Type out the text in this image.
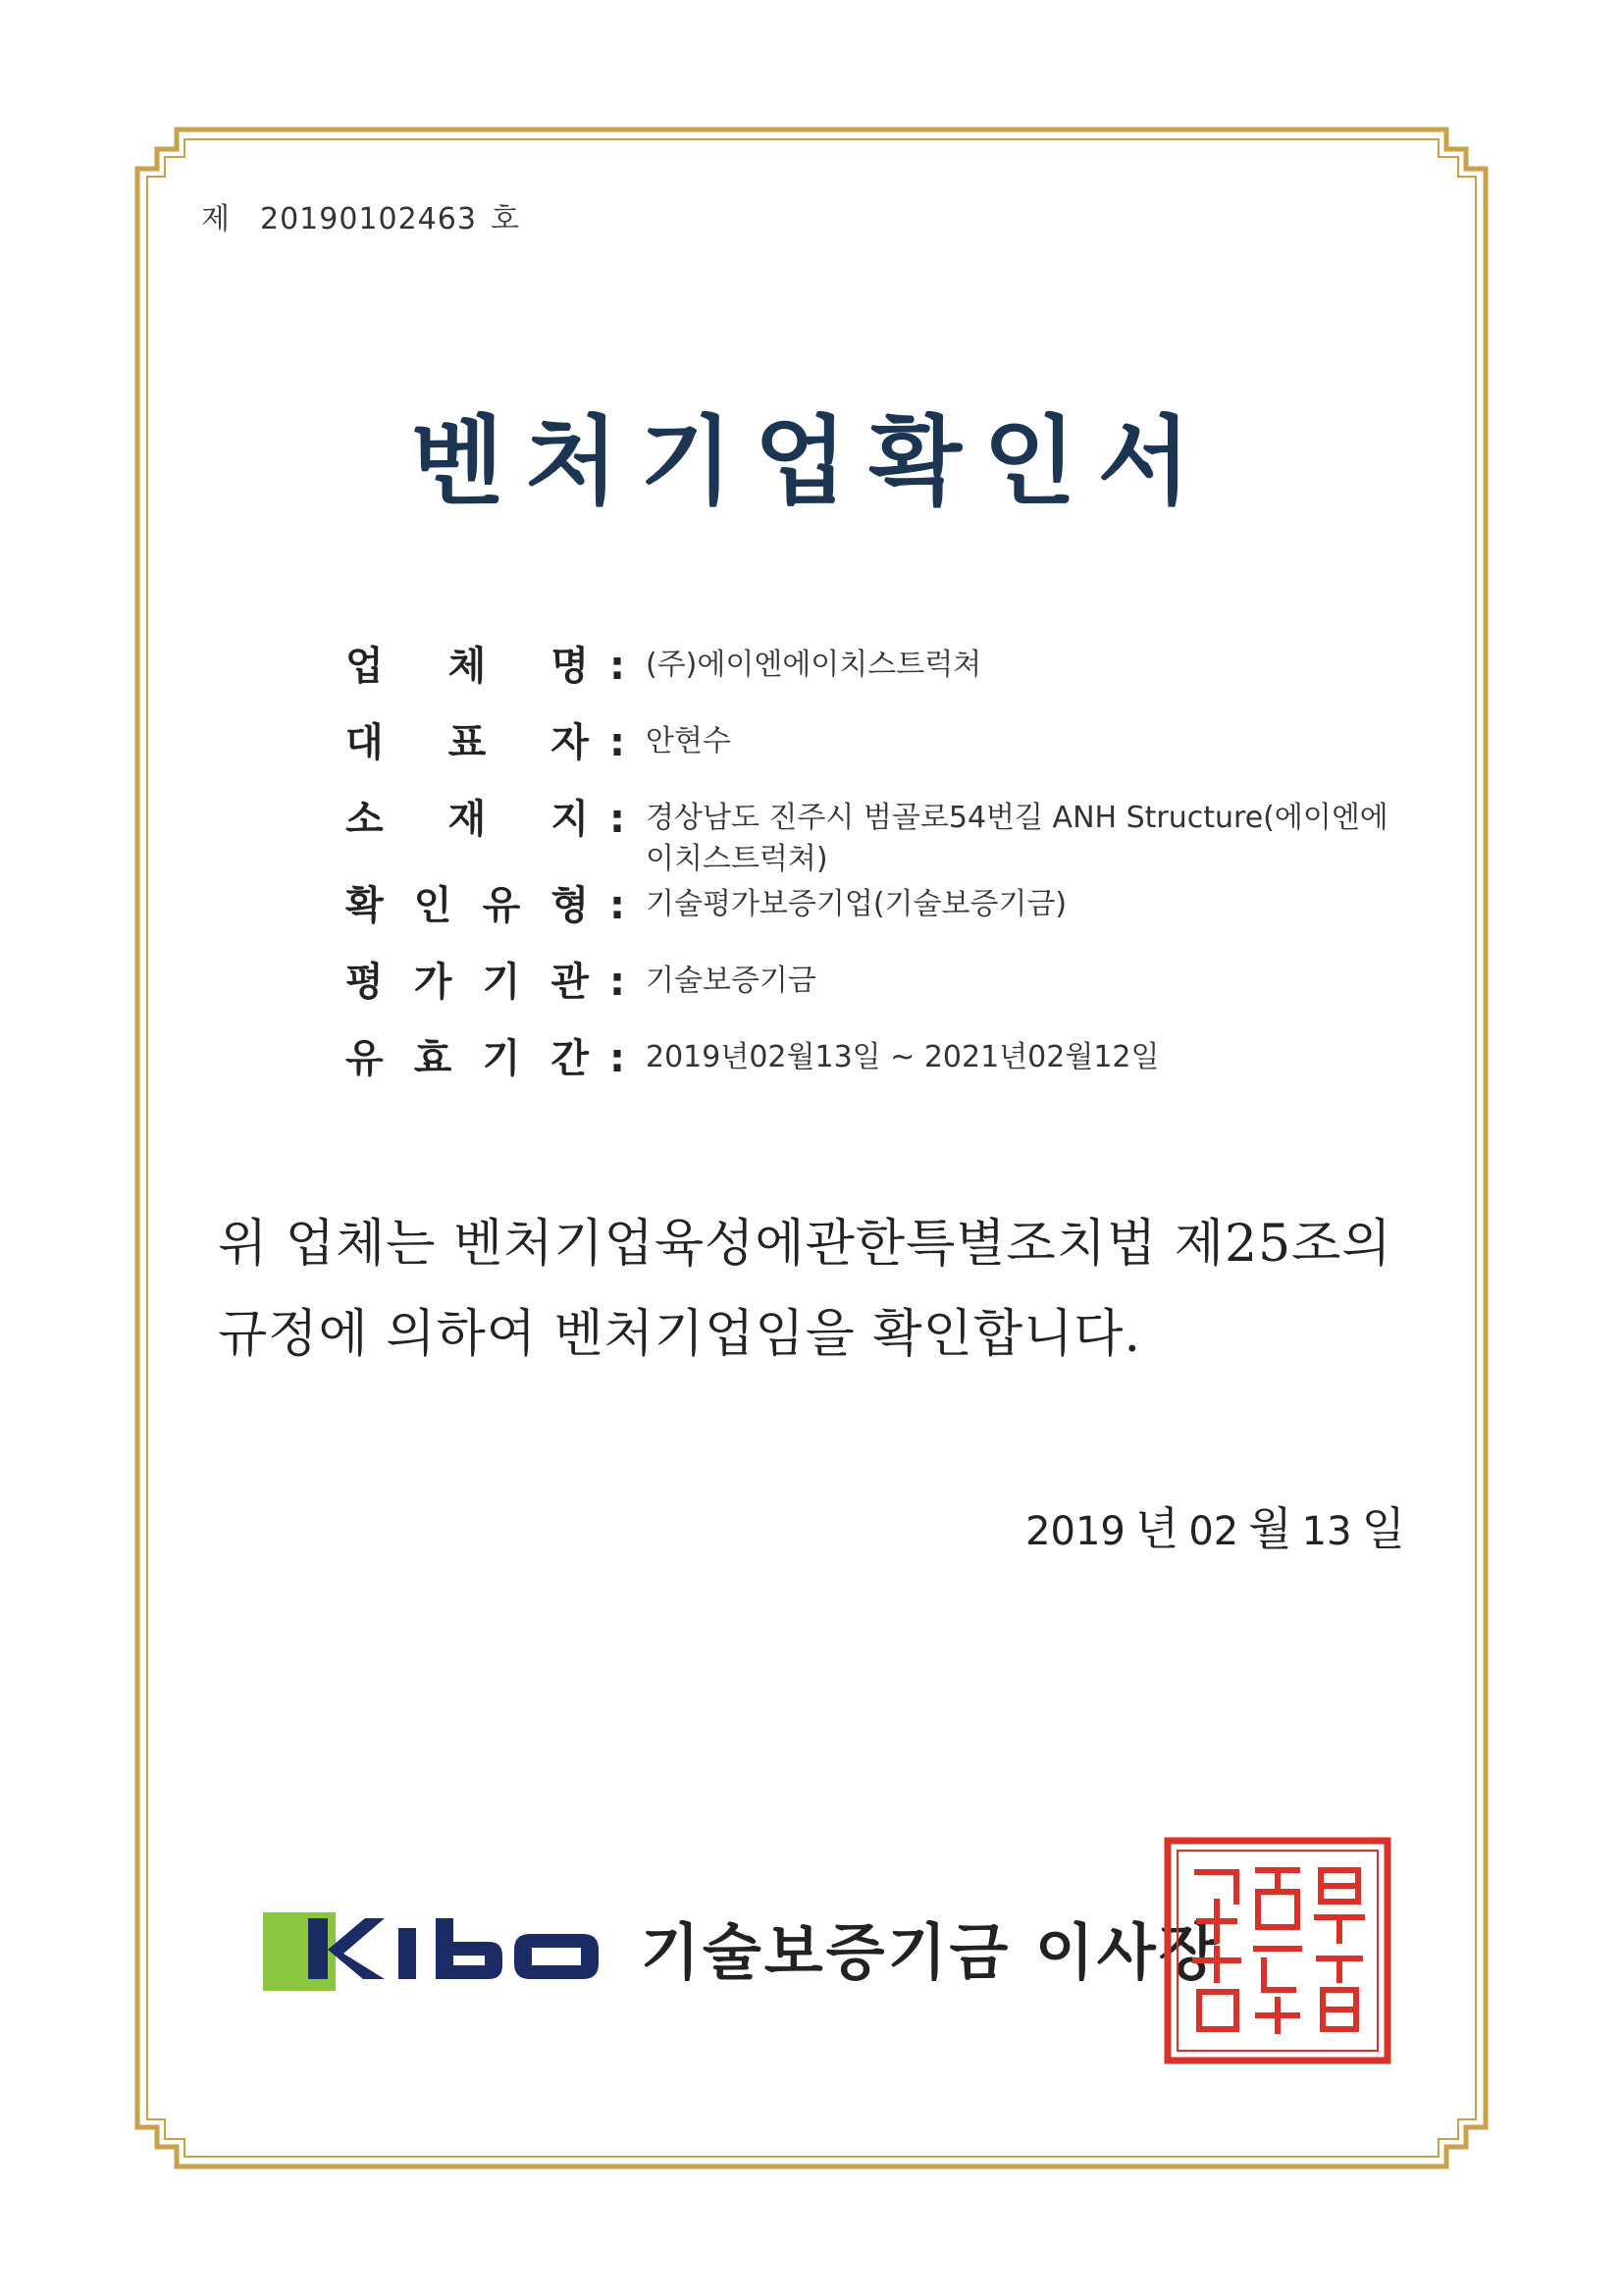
제 20190102463 호
벤처기업확인서
업 체 명 : (주)에이엔에이치스트럭쳐
대 표 자 : 안현수
소 재 지 : 경상남도 진주시 범골로54번길 ANH Structure(에이엔에
이치스트럭쳐)
확 인 유 형 : 기술평가보증기업(기술보증기금)
평 가 기 관 : 기술보증기금
유 효 기 간 : 2019년02월13일 ~ 2021년02월12일
위 업체는 벤처기업육성에관한특별조치법 제25조의
규정에 의하여 벤처기업임을 확인합니다.
2019 년 02 월 13 일
기술보증기금 이사장
